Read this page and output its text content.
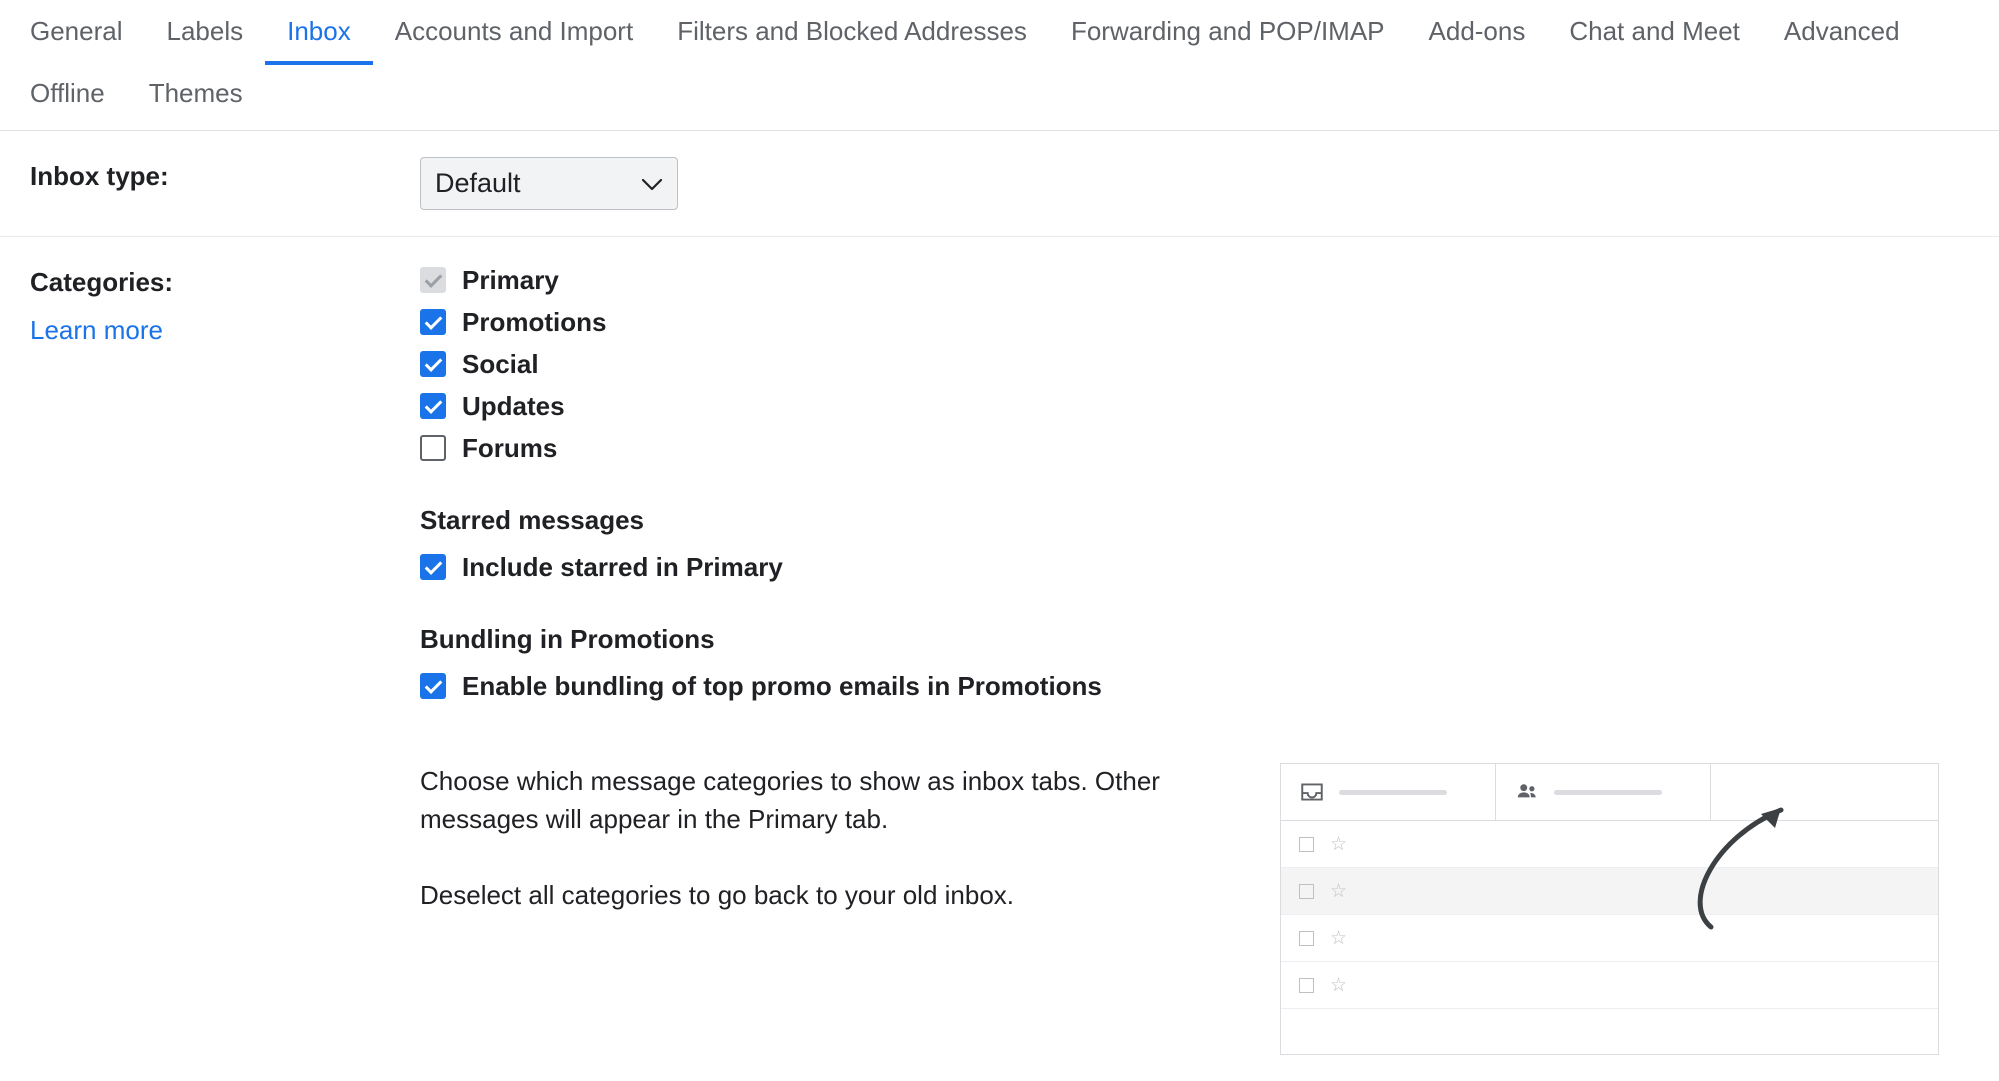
General	Labels	Inbox	Accounts and Import	Filters and Blocked Addresses	Forwarding and POP/IMAP	Add-ons	Chat and Meet	Advanced
Offline	Themes
Inbox type:
Default
Categories:
Learn more
Primary
Promotions
Social
Updates
Forums
Starred messages
Include starred in Primary
Bundling in Promotions
Enable bundling of top promo emails in Promotions

Choose which message categories to show as inbox tabs. Other messages will appear in the Primary tab.

Deselect all categories to go back to your old inbox.

☆
☆
☆
☆
